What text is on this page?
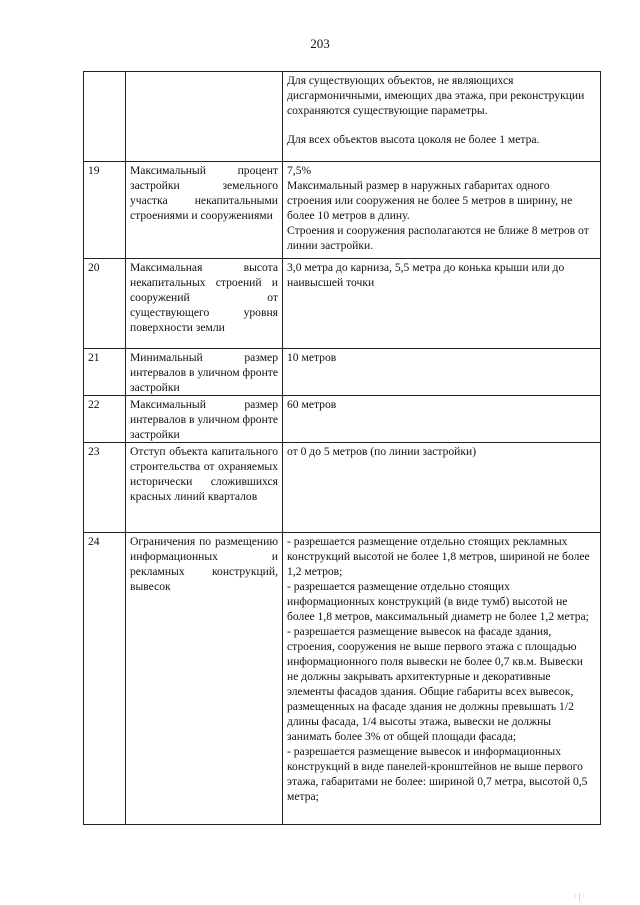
203

		Для существующих объектов, не являющихся дисгармоничными, имеющих два этажа, при реконструкции сохраняются существующие параметры.
Для всех объектов высота цоколя не более 1 метра.

19	Максимальный процент застройки земельного участка некапитальными строениями и сооружениями	7,5%
Максимальный размер в наружных габаритах одного строения или сооружения не более 5 метров в ширину, не более 10 метров в длину.
Строения и сооружения располагаются не ближе 8 метров от линии застройки.
20	Максимальная высота некапитальных строений и сооружений от существующего уровня поверхности земли	3,0 метра до карниза, 5,5 метра до конька крыши или до наивысшей точки
21	Минимальный размер интервалов в уличном фронте застройки	10 метров
22	Максимальный размер интервалов в уличном фронте застройки	60 метров
23	Отступ объекта капитального строительства от охраняемых исторически сложившихся красных линий кварталов	от 0 до 5 метров (по линии застройки)
24	Ограничения по размещению информационных и рекламных конструкций, вывесок	- разрешается размещение отдельно стоящих рекламных конструкций высотой не более 1,8 метров, шириной не более 1,2 метров;
- разрешается размещение отдельно стоящих информационных конструкций (в виде тумб) высотой не более 1,8 метров, максимальный диаметр не более 1,2 метра;
- разрешается размещение вывесок на фасаде здания, строения, сооружения не выше первого этажа с площадью информационного поля вывески не более 0,7 кв.м. Вывески не должны закрывать архитектурные и декоративные элементы фасадов здания. Общие габариты всех вывесок, размещенных на фасаде здания не должны превышать 1/2 длины фасада, 1/4 высоты этажа, вывески не должны занимать более 3% от общей площади фасада;
- разрешается размещение вывесок и информационных конструкций в виде панелей-кронштейнов не выше первого этажа, габаритами не более: шириной 0,7 метра, высотой 0,5 метра;
· | ·
